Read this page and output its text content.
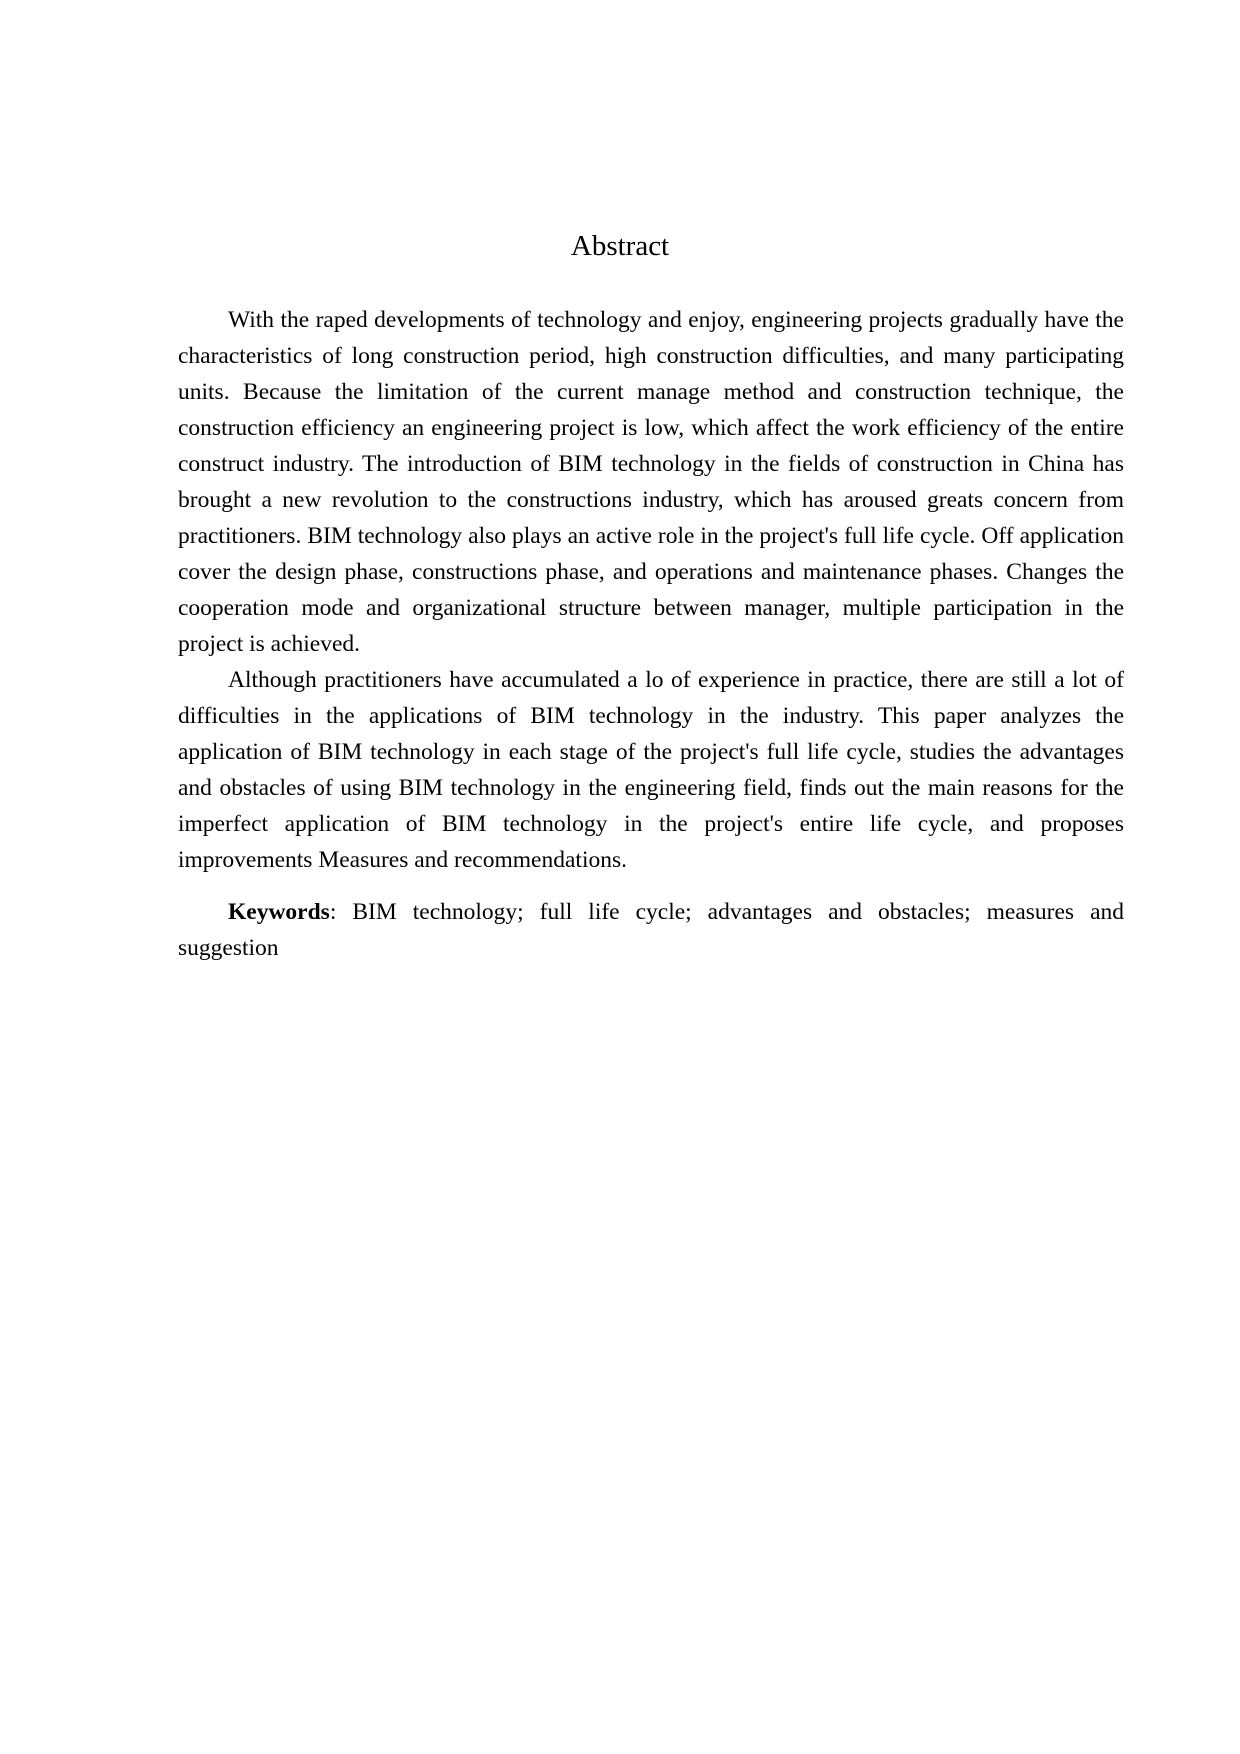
Abstract

With the raped developments of technology and enjoy, engineering projects gradually have the characteristics of long construction period, high construction difficulties, and many participating units. Because the limitation of the current manage method and construction technique, the construction efficiency an engineering project is low, which affect the work efficiency of the entire construct industry. The introduction of BIM technology in the fields of construction in China has brought a new revolution to the constructions industry, which has aroused greats concern from practitioners. BIM technology also plays an active role in the project's full life cycle. Off application cover the design phase, constructions phase, and operations and maintenance phases. Changes the cooperation mode and organizational structure between manager, multiple participation in the project is achieved.

Although practitioners have accumulated a lo of experience in practice, there are still a lot of difficulties in the applications of BIM technology in the industry. This paper analyzes the application of BIM technology in each stage of the project's full life cycle, studies the advantages and obstacles of using BIM technology in the engineering field, finds out the main reasons for the imperfect application of BIM technology in the project's entire life cycle, and proposes improvements Measures and recommendations.

Keywords: BIM technology; full life cycle; advantages and obstacles; measures and suggestion
